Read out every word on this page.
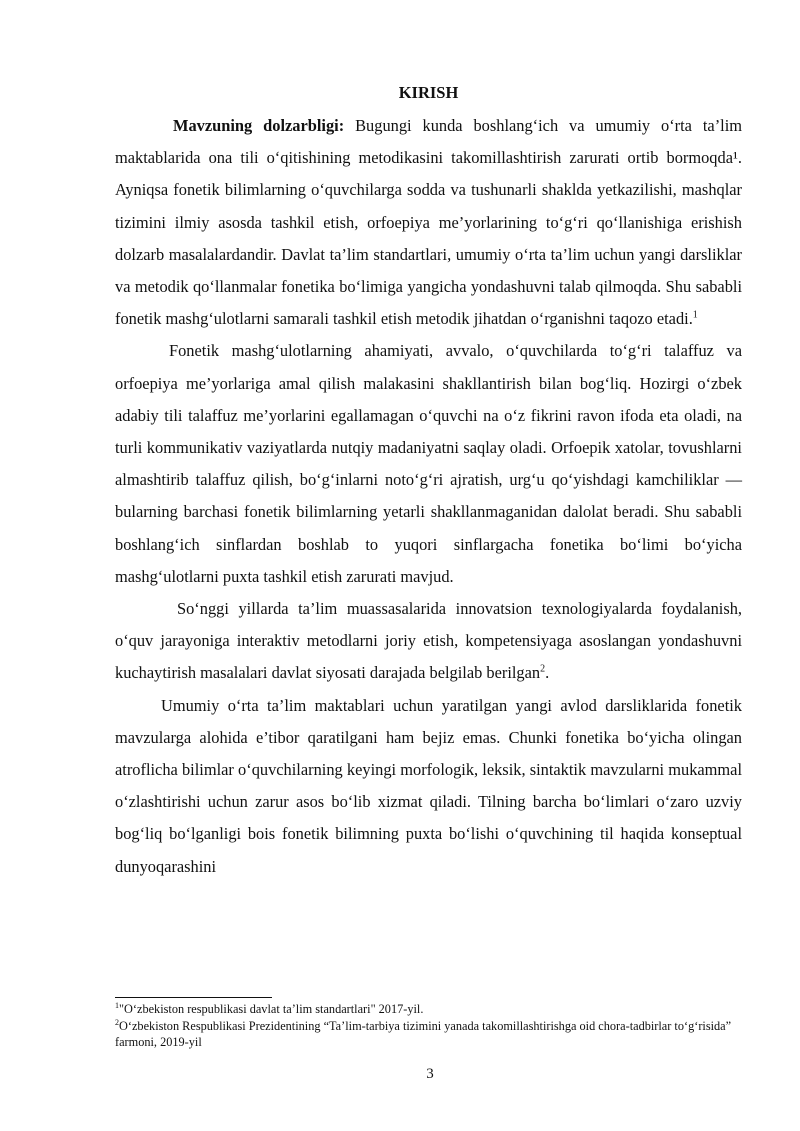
KIRISH

Mavzuning dolzarbligi: Bugungi kunda boshlang‘ich va umumiy o‘rta ta’lim maktablarida ona tili o‘qitishining metodikasini takomillashtirish zarurati ortib bormoqda¹. Ayniqsa fonetik bilimlarning o‘quvchilarga sodda va tushunarli shaklda yetkazilishi, mashqlar tizimini ilmiy asosda tashkil etish, orfoepiya me’yorlarining to‘g‘ri qo‘llanishiga erishish dolzarb masalalardandir. Davlat ta’lim standartlari, umumiy o‘rta ta’lim uchun yangi darsliklar va metodik qo‘llanmalar fonetika bo‘limiga yangicha yondashuvni talab qilmoqda. Shu sababli fonetik mashg‘ulotlarni samarali tashkil etish metodik jihatdan o‘rganishni taqozo etadi.$^1$

Fonetik mashg‘ulotlarning ahamiyati, avvalo, o‘quvchilarda to‘g‘ri talaffuz va orfoepiya me’yorlariga amal qilish malakasini shakllantirish bilan bog‘liq. Hozirgi o‘zbek adabiy tili talaffuz me’yorlarini egallamagan o‘quvchi na o‘z fikrini ravon ifoda eta oladi, na turli kommunikativ vaziyatlarda nutqiy madaniyatni saqlay oladi. Orfoepik xatolar, tovushlarni almashtirib talaffuz qilish, bo‘g‘inlarni noto‘g‘ri ajratish, urg‘u qo‘yishdagi kamchiliklar — bularning barchasi fonetik bilimlarning yetarli shakllanmaganidan dalolat beradi. Shu sababli boshlang‘ich sinflardan boshlab to yuqori sinflargacha fonetika bo‘limi bo‘yicha mashg‘ulotlarni puxta tashkil etish zarurati mavjud.

So‘nggi yillarda ta’lim muassasalarida innovatsion texnologiyalarda foydalanish, o‘quv jarayoniga interaktiv metodlarni joriy etish, kompetensiyaga asoslangan yondashuvni kuchaytirish masalalari davlat siyosati darajada belgilab berilgan$^2$.

Umumiy o‘rta ta’lim maktablari uchun yaratilgan yangi avlod darsliklarida fonetik mavzularga alohida e’tibor qaratilgani ham bejiz emas. Chunki fonetika bo‘yicha olingan atroflicha bilimlar o‘quvchilarning keyingi morfologik, leksik, sintaktik mavzularni mukammal o‘zlashtirishi uchun zarur asos bo‘lib xizmat qiladi. Tilning barcha bo‘limlari o‘zaro uzviy bog‘liq bo‘lganligi bois fonetik bilimning puxta bo‘lishi o‘quvchining til haqida konseptual dunyoqarashini

$^1$"O‘zbekiston respublikasi davlat ta’lim standartlari" 2017-yil.

$^2$O‘zbekiston Respublikasi Prezidentining “Ta’lim-tarbiya tizimini yanada takomillashtirishga oid chora-tadbirlar to‘g‘risida” farmoni, 2019-yil

3
